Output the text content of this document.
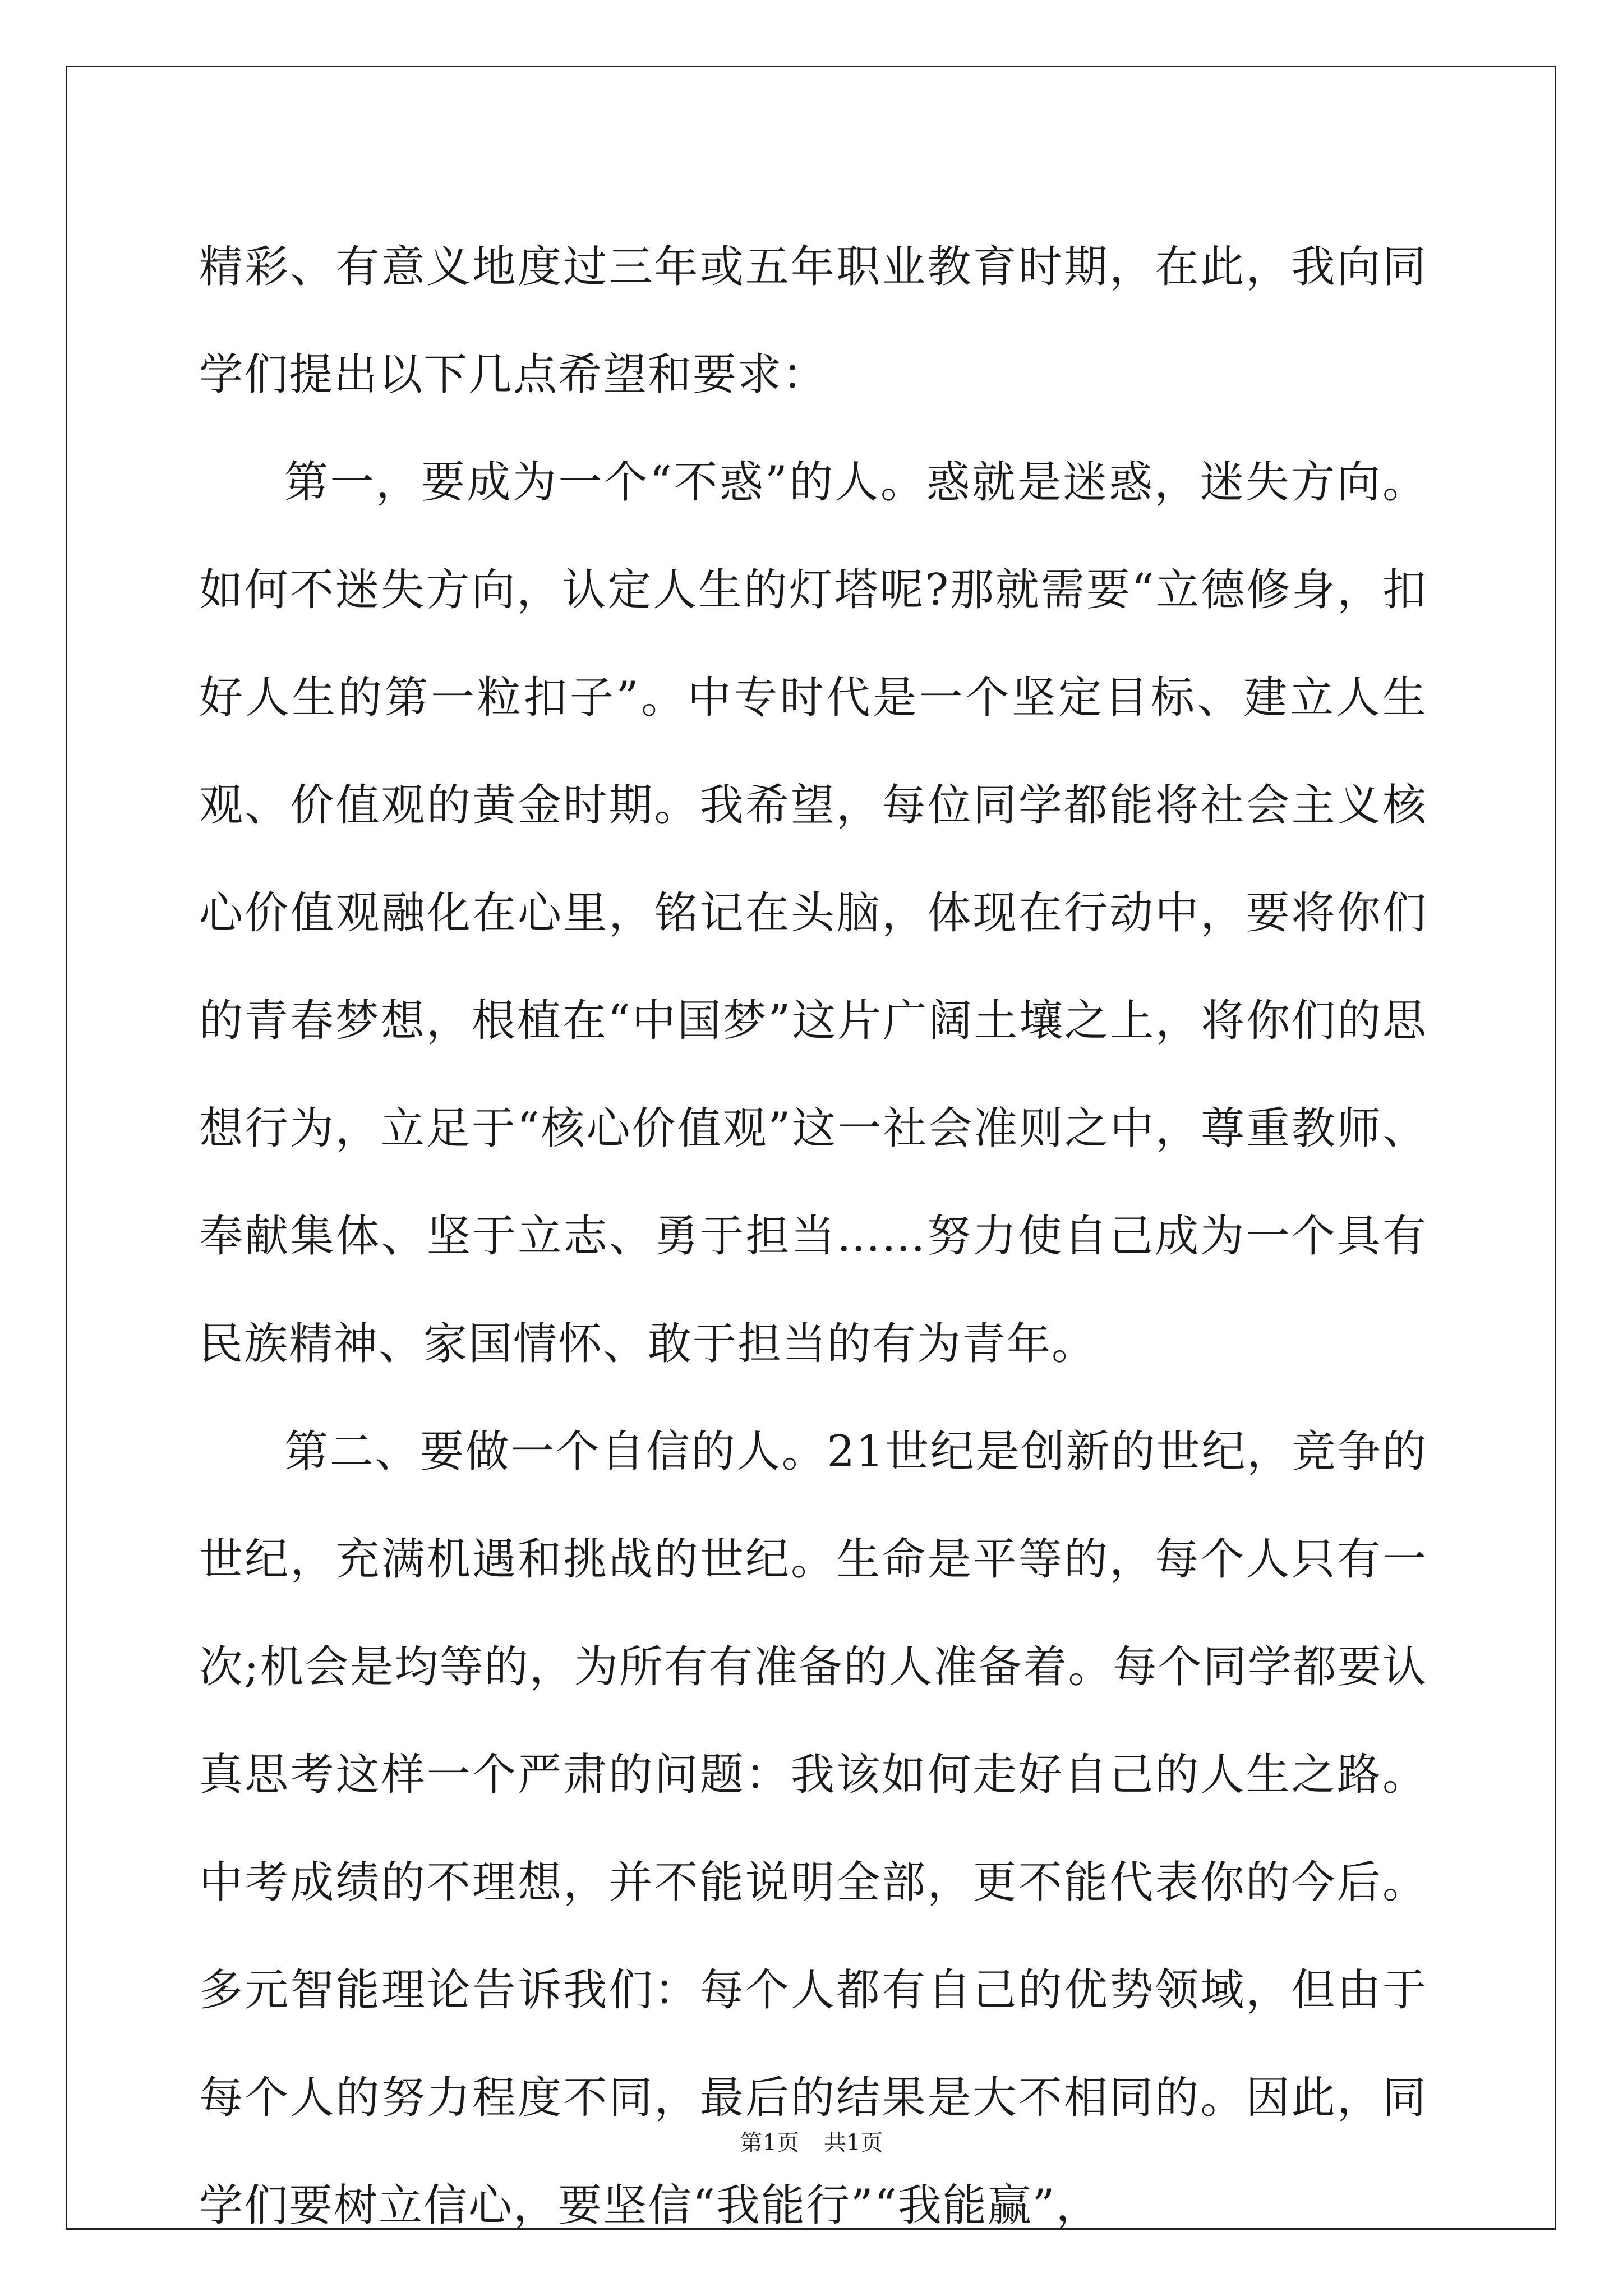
精彩、有意义地度过三年或五年职业教育时期，在此，我向同学们提出以下几点希望和要求：

第一，要成为一个“不惑”的人。惑就是迷惑，迷失方向。如何不迷失方向，认定人生的灯塔呢?那就需要“立德修身，扣好人生的第一粒扣子”。中专时代是一个坚定目标、建立人生观、价值观的黄金时期。我希望，每位同学都能将社会主义核心价值观融化在心里，铭记在头脑，体现在行动中，要将你们的青春梦想，根植在“中国梦”这片广阔土壤之上，将你们的思想行为，立足于“核心价值观”这一社会准则之中，尊重教师、奉献集体、坚于立志、勇于担当……努力使自己成为一个具有民族精神、家国情怀、敢于担当的有为青年。

第二、要做一个自信的人。21世纪是创新的世纪，竞争的世纪，充满机遇和挑战的世纪。生命是平等的，每个人只有一次;机会是均等的，为所有有准备的人准备着。每个同学都要认真思考这样一个严肃的问题：我该如何走好自己的人生之路。中考成绩的不理想，并不能说明全部，更不能代表你的今后。多元智能理论告诉我们：每个人都有自己的优势领域，但由于每个人的努力程度不同，最后的结果是大不相同的。因此，同学们要树立信心，要坚信“我能行”“我能赢”，

第1页 共1页
